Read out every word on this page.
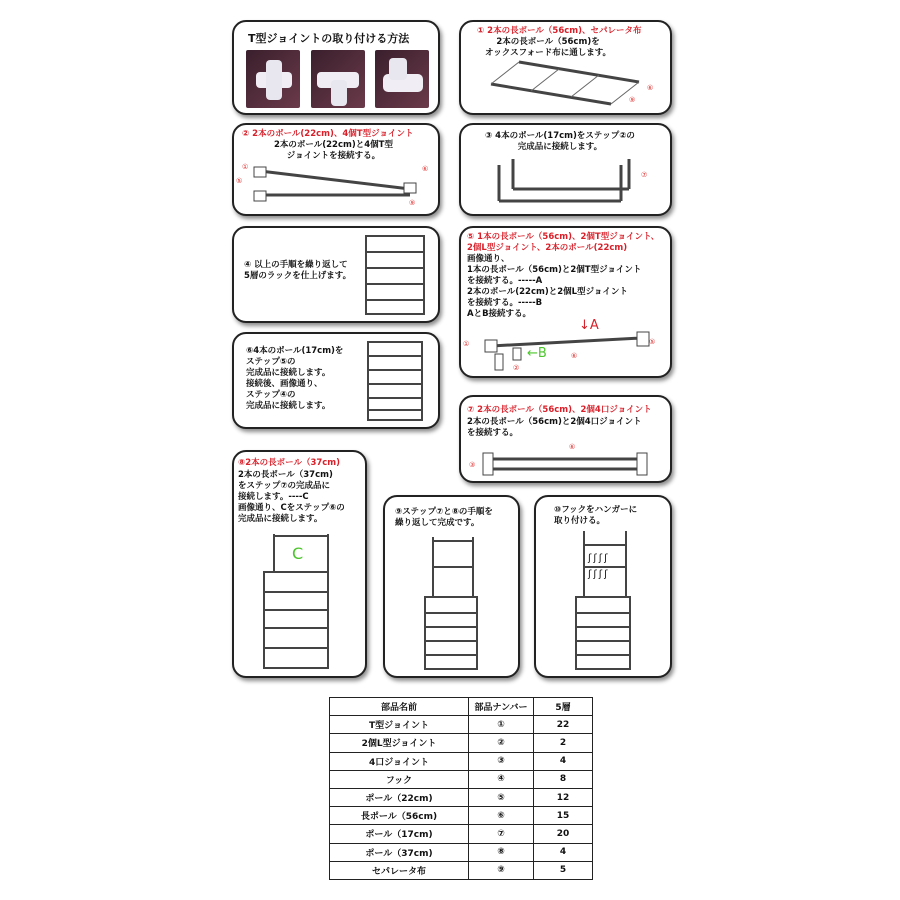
T型ジョイントの取り付ける方法
① 2本の長ポール（56cm)、セパレータ布
2本の長ポール（56cm)を
オックスフォード布に通します。
⑥
⑨
② 2本のポール(22cm)、4個T型ジョイント
2本のポール(22cm)と4個T型
ジョイントを接続する。
①
⑤
⑥
⑨
③ 4本のポール(17cm)をステップ②の
完成品に接続します。
⑦
④ 以上の手順を繰り返して
5層のラックを仕上げます。
⑤ 1本の長ポール（56cm)、2個T型ジョイント、
2個L型ジョイント、2本のポール(22cm)
画像通り、
1本の長ポール（56cm)と2個T型ジョイント
を接続する。-----A
2本のポール(22cm)と2個L型ジョイント
を接続する。-----B
AとB接続する。
①
②
⑥
⑤
↓A
←B
⑥4本のポール(17cm)を
ステップ⑤の
完成品に接続します。
接続後、画像通り、
ステップ④の
完成品に接続します。	⑦ 2本の長ポール（56cm)、2個4口ジョイント
2本の長ポール（56cm)と2個4口ジョイント
を接続する。
③
⑥
⑧2本の長ポール（37cm)
2本の長ポール（37cm)
をステップ⑦の完成品に
接続します。----C
画像通り、Cをステップ⑥の
完成品に接続します。
C
⑨ステップ⑦と⑧の手順を
繰り返して完成です。
⑩フックをハンガーに
取り付ける。
ʃʃʃʃ
ʃʃʃʃ
部品名前	部品ナンバー	5層
T型ジョイント	①	22
2個L型ジョイント	②	2
4口ジョイント	③	4
フック	④	8
ポール（22cm)	⑤	12
長ポール（56cm)	⑥	15
ポール（17cm)	⑦	20
ポール（37cm)	⑧	4
セパレータ布	⑨	5
